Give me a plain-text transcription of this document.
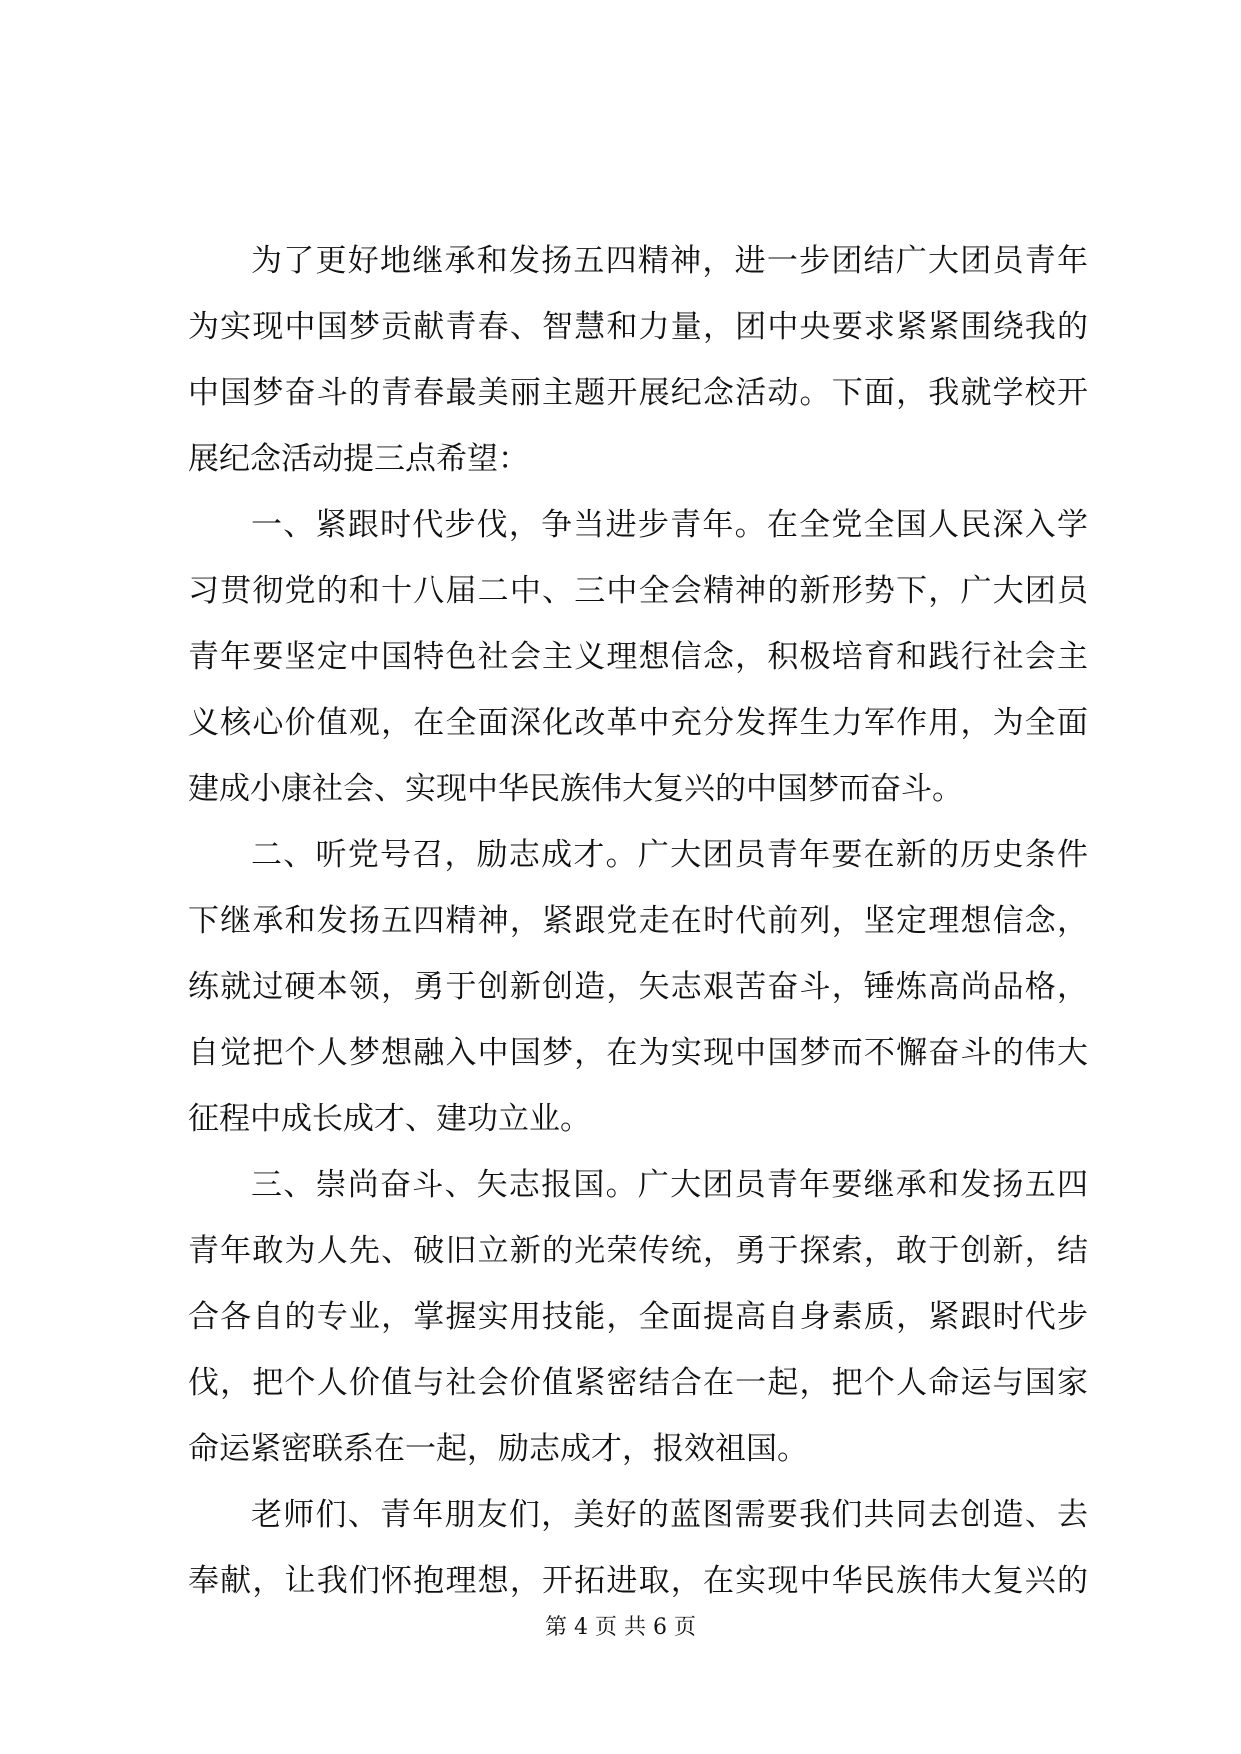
为了更好地继承和发扬五四精神，进一步团结广大团员青年
为实现中国梦贡献青春、智慧和力量，团中央要求紧紧围绕我的
中国梦奋斗的青春最美丽主题开展纪念活动。下面，我就学校开
展纪念活动提三点希望：
一、紧跟时代步伐，争当进步青年。在全党全国人民深入学
习贯彻党的和十八届二中、三中全会精神的新形势下，广大团员
青年要坚定中国特色社会主义理想信念，积极培育和践行社会主
义核心价值观，在全面深化改革中充分发挥生力军作用，为全面
建成小康社会、实现中华民族伟大复兴的中国梦而奋斗。
二、听党号召，励志成才。广大团员青年要在新的历史条件
下继承和发扬五四精神，紧跟党走在时代前列，坚定理想信念，
练就过硬本领，勇于创新创造，矢志艰苦奋斗，锤炼高尚品格，
自觉把个人梦想融入中国梦，在为实现中国梦而不懈奋斗的伟大
征程中成长成才、建功立业。
三、崇尚奋斗、矢志报国。广大团员青年要继承和发扬五四
青年敢为人先、破旧立新的光荣传统，勇于探索，敢于创新，结
合各自的专业，掌握实用技能，全面提高自身素质，紧跟时代步
伐，把个人价值与社会价值紧密结合在一起，把个人命运与国家
命运紧密联系在一起，励志成才，报效祖国。
老师们、青年朋友们，美好的蓝图需要我们共同去创造、去
奉献，让我们怀抱理想，开拓进取，在实现中华民族伟大复兴的
第 4 页 共 6 页
